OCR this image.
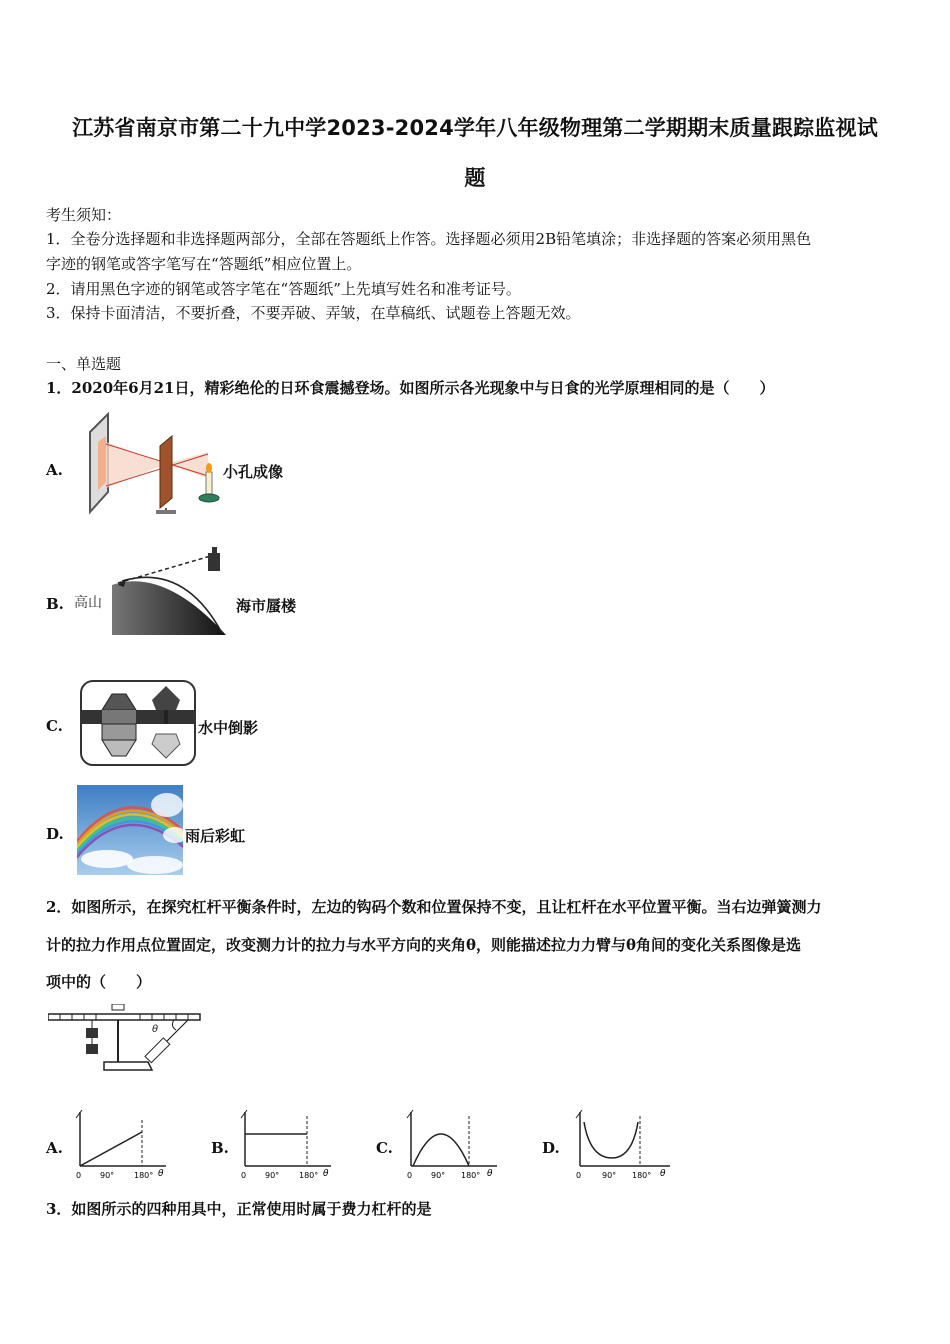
江苏省南京市第二十九中学2023-2024学年八年级物理第二学期期末质量跟踪监视试
题
考生须知：
1．全卷分选择题和非选择题两部分，全部在答题纸上作答。选择题必须用2B铅笔填涂；非选择题的答案必须用黑色
字迹的钢笔或答字笔写在“答题纸”相应位置上。
2．请用黑色字迹的钢笔或答字笔在“答题纸”上先填写姓名和准考证号。
3．保持卡面清洁，不要折叠，不要弄破、弄皱，在草稿纸、试题卷上答题无效。
一、单选题
1．2020年6月21日，精彩绝伦的日环食震撼登场。如图所示各光现象中与日食的光学原理相同的是（　　）
A.	小孔成像
B. 高山	海市蜃楼
C.	水中倒影
D.	雨后彩虹
2．如图所示，在探究杠杆平衡条件时，左边的钩码个数和位置保持不变，且让杠杆在水平位置平衡。当右边弹簧测力
计的拉力作用点位置固定，改变测力计的拉力与水平方向的夹角θ，则能描述拉力力臂与θ角间的变化关系图像是选
项中的（　　）
θ
A.
0 90° 180° θ
B.
0 90° 180° θ
C.
0 90° 180° θ
D.
0	90° 180° θ
3．如图所示的四种用具中，正常使用时属于费力杠杆的是
